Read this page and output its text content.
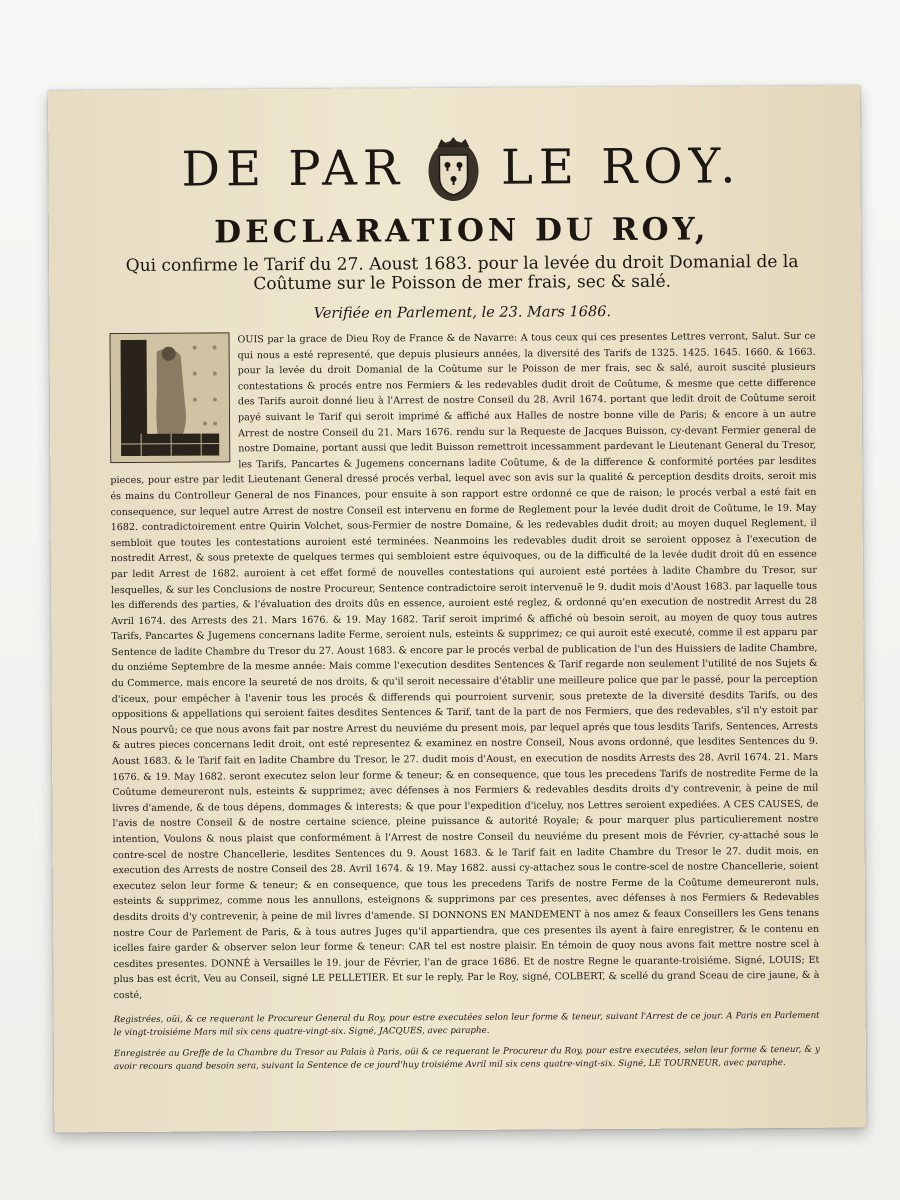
DE PAR LE ROY.
DECLARATION DU ROY,
Qui confirme le Tarif du 27. Aoust 1683. pour la levée du droit Domanial de la Coûtume sur le Poisson de mer frais, sec & salé.
Verifiée en Parlement, le 23. Mars 1686.

OUIS par la grace de Dieu Roy de France & de Navarre: A tous ceux qui ces presentes Lettres verront, Salut. Sur ce qui nous a esté representé, que depuis plusieurs années, la diversité des Tarifs de 1325. 1425. 1645. 1660. & 1663. pour la levée du droit Domanial de la Coûtume sur le Poisson de mer frais, sec & salé, auroit suscité plusieurs contestations & procés entre nos Fermiers & les redevables dudit droit de Coûtume, & mesme que cette difference des Tarifs auroit donné lieu à l'Arrest de nostre Conseil du 28. Avril 1674. portant que ledit droit de Coûtume seroit payé suivant le Tarif qui seroit imprimé & affiché aux Halles de nostre bonne ville de Paris; & encore à un autre Arrest de nostre Conseil du 21. Mars 1676. rendu sur la Requeste de Jacques Buisson, cy-devant Fermier general de nostre Domaine, portant aussi que ledit Buisson remettroit incessamment pardevant le Lieutenant General du Tresor, les Tarifs, Pancartes & Jugemens concernans ladite Coûtume, & de la difference & conformité portées par lesdites pieces, pour estre par ledit Lieutenant General dressé procés verbal, lequel avec son avis sur la qualité & perception desdits droits, seroit mis és mains du Controlleur General de nos Finances, pour ensuite à son rapport estre ordonné ce que de raison; le procés verbal a esté fait en consequence, sur lequel autre Arrest de nostre Conseil est intervenu en forme de Reglement pour la levée dudit droit de Coûtume, le 19. May 1682. contradictoirement entre Quirin Volchet, sous-Fermier de nostre Domaine, & les redevables dudit droit; au moyen duquel Reglement, il sembloit que toutes les contestations auroient esté terminées. Neanmoins les redevables dudit droit se seroient opposez à l'execution de nostredit Arrest, & sous pretexte de quelques termes qui sembloient estre équivoques, ou de la difficulté de la levée dudit droit dû en essence par ledit Arrest de 1682. auroient à cet effet formé de nouvelles contestations qui auroient esté portées à ladite Chambre du Tresor, sur lesquelles, & sur les Conclusions de nostre Procureur, Sentence contradictoire seroit intervenuë le 9. dudit mois d'Aoust 1683. par laquelle tous les differends des parties, & l'évaluation des droits dûs en essence, auroient esté reglez, & ordonné qu'en execution de nostredit Arrest du 28 Avril 1674. des Arrests des 21. Mars 1676. & 19. May 1682. Tarif seroit imprimé & affiché où besoin seroit, au moyen de quoy tous autres Tarifs, Pancartes & Jugemens concernans ladite Ferme, seroient nuls, esteints & supprimez; ce qui auroit esté executé, comme il est apparu par Sentence de ladite Chambre du Tresor du 27. Aoust 1683. & encore par le procés verbal de publication de l'un des Huissiers de ladite Chambre, du onziéme Septembre de la mesme année: Mais comme l'execution desdites Sentences & Tarif regarde non seulement l'utilité de nos Sujets & du Commerce, mais encore la seureté de nos droits, & qu'il seroit necessaire d'établir une meilleure police que par le passé, pour la perception d'iceux, pour empécher à l'avenir tous les procés & differends qui pourroient survenir, sous pretexte de la diversité desdits Tarifs, ou des oppositions & appellations qui seroient faites desdites Sentences & Tarif, tant de la part de nos Fermiers, que des redevables, s'il n'y estoit par Nous pourvû; ce que nous avons fait par nostre Arrest du neuviéme du present mois, par lequel aprés que tous lesdits Tarifs, Sentences, Arrests & autres pieces concernans ledit droit, ont esté representez & examinez en nostre Conseil, Nous avons ordonné, que lesdites Sentences du 9. Aoust 1683. & le Tarif fait en ladite Chambre du Tresor, le 27. dudit mois d'Aoust, en execution de nosdits Arrests des 28. Avril 1674. 21. Mars 1676. & 19. May 1682. seront executez selon leur forme & teneur; & en consequence, que tous les precedens Tarifs de nostredite Ferme de la Coûtume demeureront nuls, esteints & supprimez; avec défenses à nos Fermiers & redevables desdits droits d'y contrevenir, à peine de mil livres d'amende, & de tous dépens, dommages & interests; & que pour l'expedition d'iceluy, nos Lettres seroient expediées. A CES CAUSES, de l'avis de nostre Conseil & de nostre certaine science, pleine puissance & autorité Royale; & pour marquer plus particulierement nostre intention, Voulons & nous plaist que conformément à l'Arrest de nostre Conseil du neuviéme du present mois de Février, cy-attaché sous le contre-scel de nostre Chancellerie, lesdites Sentences du 9. Aoust 1683. & le Tarif fait en ladite Chambre du Tresor le 27. dudit mois, en execution des Arrests de nostre Conseil des 28. Avril 1674. & 19. May 1682. aussi cy-attachez sous le contre-scel de nostre Chancellerie, soient executez selon leur forme & teneur; & en consequence, que tous les precedens Tarifs de nostre Ferme de la Coûtume demeureront nuls, esteints & supprimez, comme nous les annullons, esteignons & supprimons par ces presentes, avec défenses à nos Fermiers & Redevables desdits droits d'y contrevenir, à peine de mil livres d'amende. SI DONNONS EN MANDEMENT à nos amez & feaux Conseillers les Gens tenans nostre Cour de Parlement de Paris, & à tous autres Juges qu'il appartiendra, que ces presentes ils ayent à faire enregistrer, & le contenu en icelles faire garder & observer selon leur forme & teneur: CAR tel est nostre plaisir. En témoin de quoy nous avons fait mettre nostre scel à cesdites presentes. DONNÉ à Versailles le 19. jour de Février, l'an de grace 1686. Et de nostre Regne le quarante-troisiéme. Signé, LOUIS; Et plus bas est écrit, Veu au Conseil, signé LE PELLETIER. Et sur le reply, Par le Roy, signé, COLBERT, & scellé du grand Sceau de cire jaune, & à costé,

Registrées, oüi, & ce requerant le Procureur General du Roy, pour estre executées selon leur forme & teneur, suivant l'Arrest de ce jour. A Paris en Parlement le vingt-troisiéme Mars mil six cens quatre-vingt-six. Signé, JACQUES, avec paraphe.
Enregistrée au Greffe de la Chambre du Tresor au Palais à Paris, oüi & ce requerant le Procureur du Roy, pour estre executées, selon leur forme & teneur, & y avoir recours quand besoin sera, suivant la Sentence de ce jourd'huy troisiéme Avril mil six cens quatre-vingt-six. Signé, LE TOURNEUR, avec paraphe.
